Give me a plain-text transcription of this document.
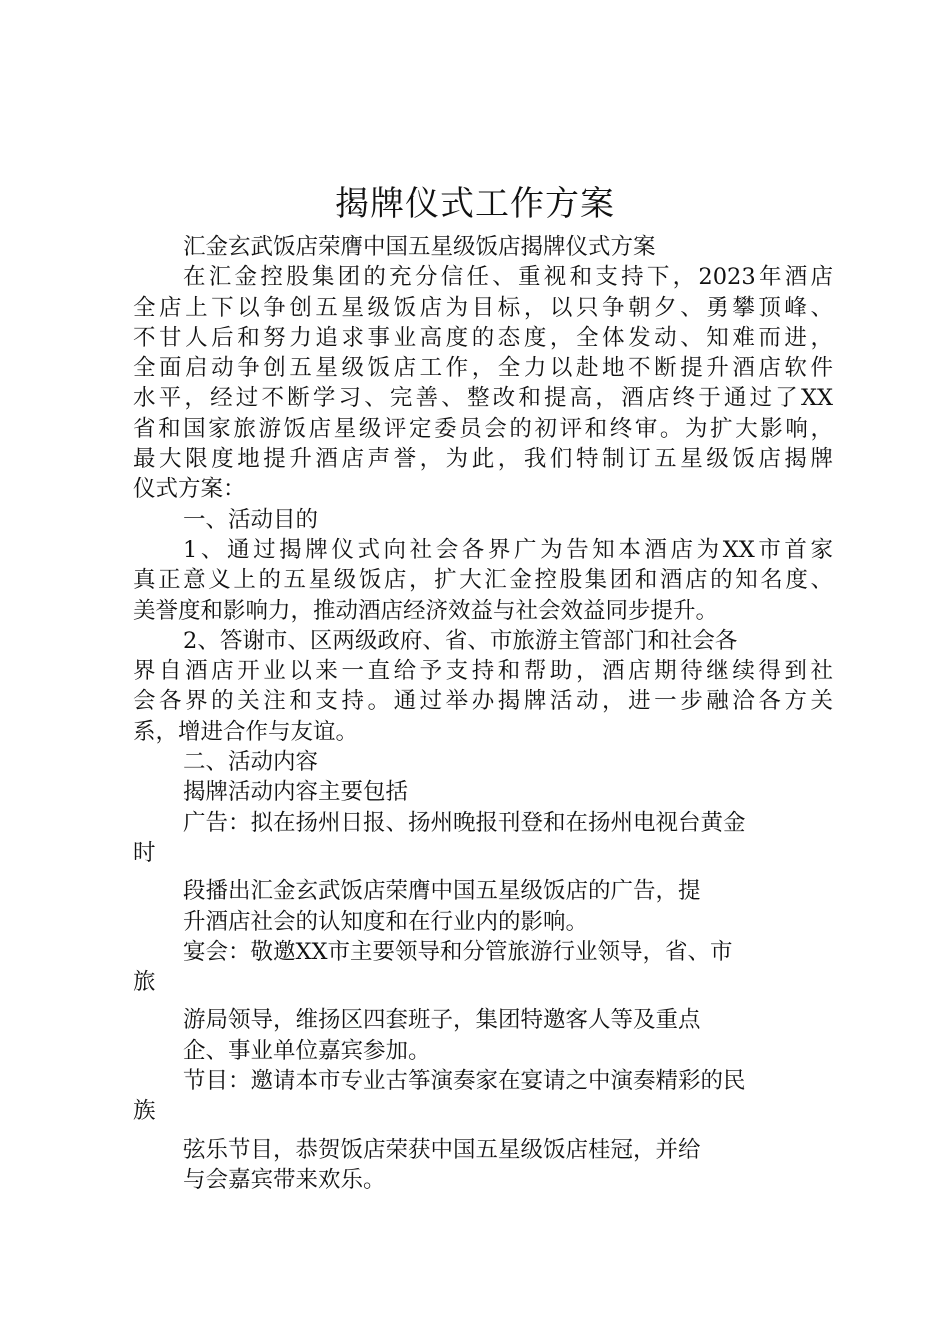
揭牌仪式工作方案

汇金玄武饭店荣膺中国五星级饭店揭牌仪式方案

在汇金控股集团的充分信任、重视和支持下，2023年酒店

全店上下以争创五星级饭店为目标，以只争朝夕、勇攀顶峰、

不甘人后和努力追求事业高度的态度，全体发动、知难而进，

全面启动争创五星级饭店工作，全力以赴地不断提升酒店软件

水平，经过不断学习、完善、整改和提高，酒店终于通过了XX

省和国家旅游饭店星级评定委员会的初评和终审。为扩大影响，

最大限度地提升酒店声誉，为此，我们特制订五星级饭店揭牌

仪式方案：

一、活动目的

1、通过揭牌仪式向社会各界广为告知本酒店为XX市首家

真正意义上的五星级饭店，扩大汇金控股集团和酒店的知名度、

美誉度和影响力，推动酒店经济效益与社会效益同步提升。

2、答谢市、区两级政府、省、市旅游主管部门和社会各

界自酒店开业以来一直给予支持和帮助，酒店期待继续得到社

会各界的关注和支持。通过举办揭牌活动，进一步融洽各方关

系，增进合作与友谊。

二、活动内容

揭牌活动内容主要包括

广告：拟在扬州日报、扬州晚报刊登和在扬州电视台黄金

时

段播出汇金玄武饭店荣膺中国五星级饭店的广告，提

升酒店社会的认知度和在行业内的影响。

宴会：敬邀XX市主要领导和分管旅游行业领导，省、市

旅

游局领导，维扬区四套班子，集团特邀客人等及重点

企、事业单位嘉宾参加。

节目：邀请本市专业古筝演奏家在宴请之中演奏精彩的民

族

弦乐节目，恭贺饭店荣获中国五星级饭店桂冠，并给

与会嘉宾带来欢乐。
